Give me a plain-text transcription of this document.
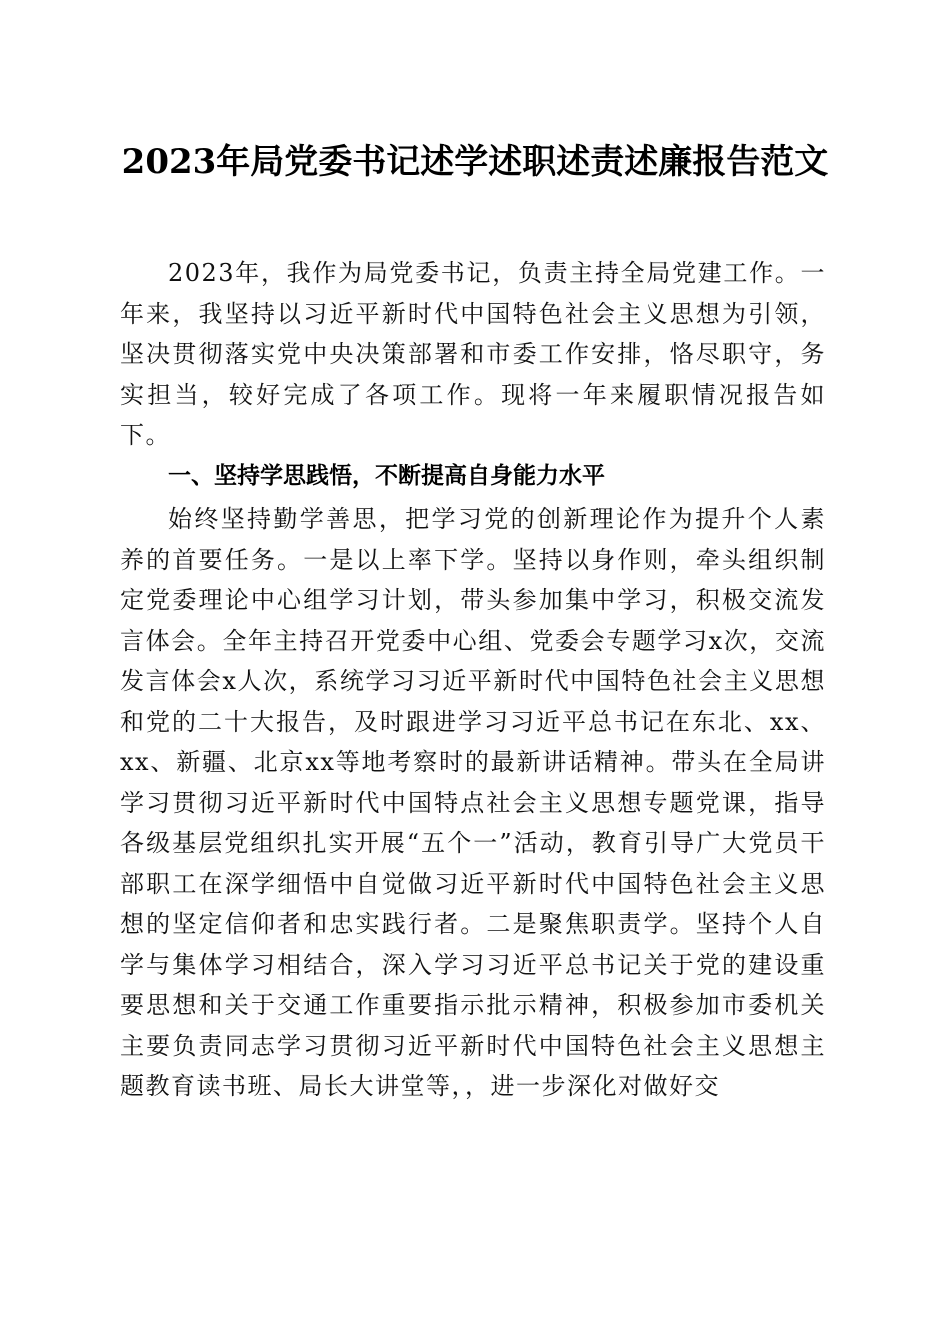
2023年局党委书记述学述职述责述廉报告范文

2023年，我作为局党委书记，负责主持全局党建工作。一年来，我坚持以习近平新时代中国特色社会主义思想为引领，坚决贯彻落实党中央决策部署和市委工作安排，恪尽职守，务实担当，较好完成了各项工作。现将一年来履职情况报告如下。

一、坚持学思践悟，不断提高自身能力水平

始终坚持勤学善思，把学习党的创新理论作为提升个人素养的首要任务。一是以上率下学。坚持以身作则，牵头组织制定党委理论中心组学习计划，带头参加集中学习，积极交流发言体会。全年主持召开党委中心组、党委会专题学习x次，交流发言体会x人次，系统学习习近平新时代中国特色社会主义思想和党的二十大报告，及时跟进学习习近平总书记在东北、xx、xx、新疆、北京xx等地考察时的最新讲话精神。带头在全局讲学习贯彻习近平新时代中国特点社会主义思想专题党课，指导各级基层党组织扎实开展“五个一”活动，教育引导广大党员干部职工在深学细悟中自觉做习近平新时代中国特色社会主义思想的坚定信仰者和忠实践行者。二是聚焦职责学。坚持个人自学与集体学习相结合，深入学习习近平总书记关于党的建设重要思想和关于交通工作重要指示批示精神，积极参加市委机关主要负责同志学习贯彻习近平新时代中国特色社会主义思想主题教育读书班、局长大讲堂等，，进一步深化对做好交
